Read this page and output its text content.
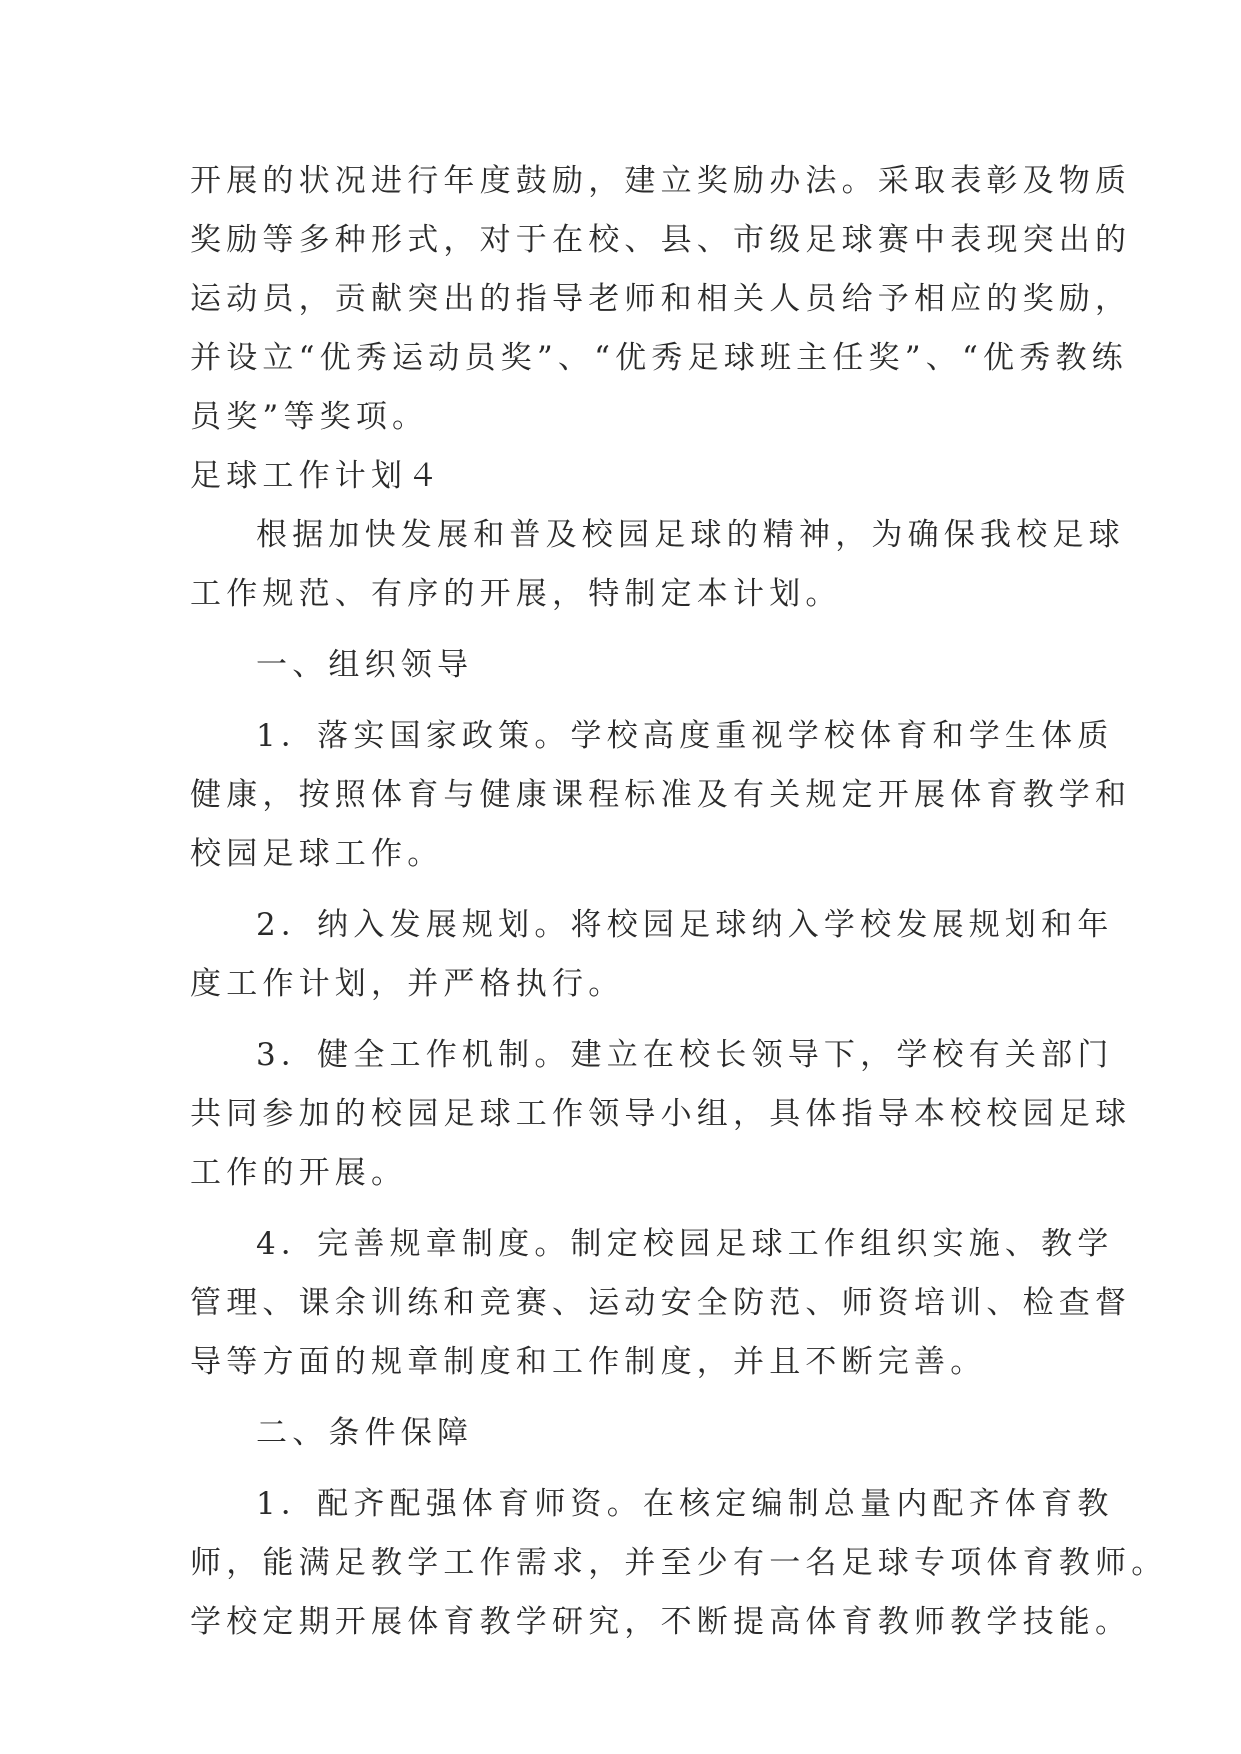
开展的状况进行年度鼓励，建立奖励办法。采取表彰及物质
奖励等多种形式，对于在校、县、市级足球赛中表现突出的
运动员，贡献突出的指导老师和相关人员给予相应的奖励，
并设立“优秀运动员奖”、“优秀足球班主任奖”、“优秀教练
员奖”等奖项。
足球工作计划４
根据加快发展和普及校园足球的精神，为确保我校足球
工作规范、有序的开展，特制定本计划。
一、组织领导
1．落实国家政策。学校高度重视学校体育和学生体质
健康，按照体育与健康课程标准及有关规定开展体育教学和
校园足球工作。
2．纳入发展规划。将校园足球纳入学校发展规划和年
度工作计划，并严格执行。
3．健全工作机制。建立在校长领导下，学校有关部门
共同参加的校园足球工作领导小组，具体指导本校校园足球
工作的开展。
4．完善规章制度。制定校园足球工作组织实施、教学
管理、课余训练和竞赛、运动安全防范、师资培训、检查督
导等方面的规章制度和工作制度，并且不断完善。
二、条件保障
1．配齐配强体育师资。在核定编制总量内配齐体育教
师，能满足教学工作需求，并至少有一名足球专项体育教师。
学校定期开展体育教学研究，不断提高体育教师教学技能。
